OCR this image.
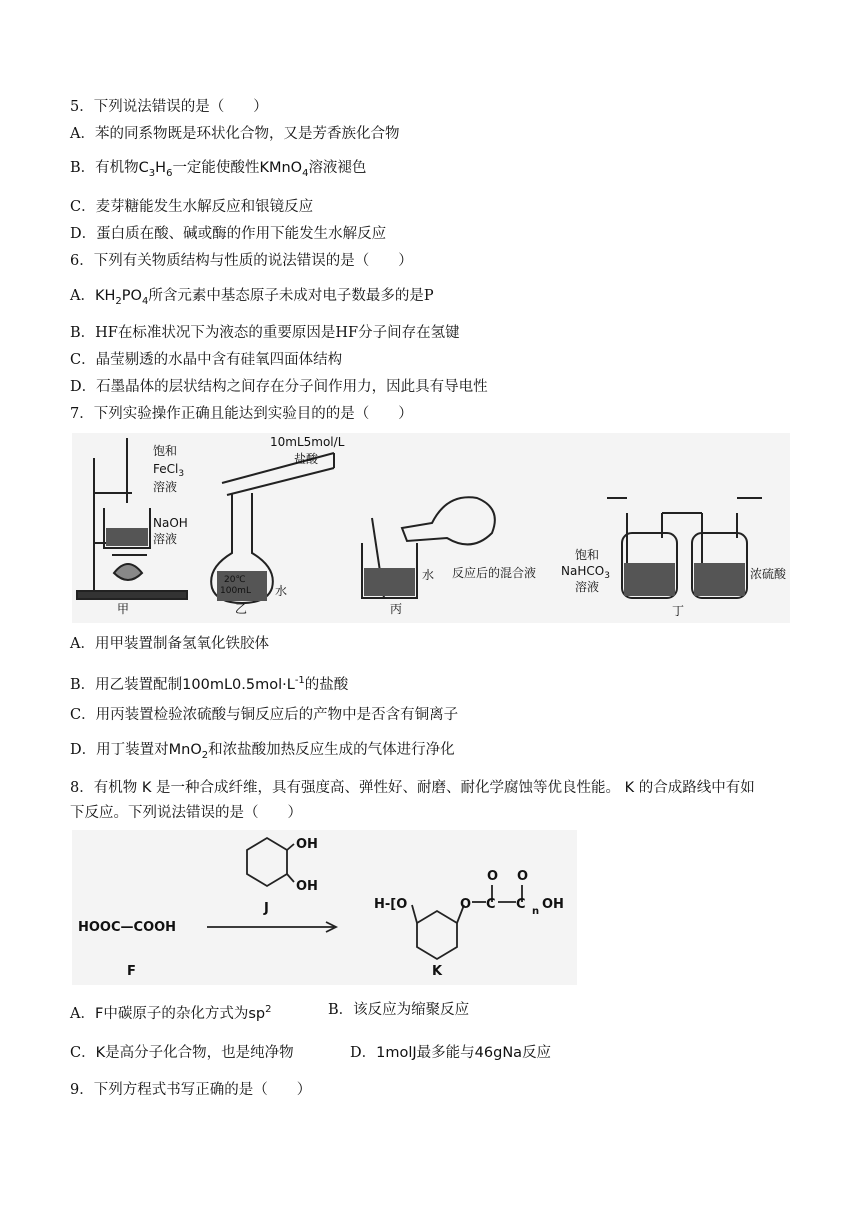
5．下列说法错误的是（　　）
A．苯的同系物既是环状化合物，又是芳香族化合物
B．有机物$C_3H_6$一定能使酸性KMnO$_4$溶液褪色
C．麦芽糖能发生水解反应和银镜反应
D．蛋白质在酸、碱或酶的作用下能发生水解反应
6．下列有关物质结构与性质的说法错误的是（　　）
A．$KH_2PO_4$所含元素中基态原子未成对电子数最多的是P
B．HF在标准状况下为液态的重要原因是HF分子间存在氢键
C．晶莹剔透的水晶中含有硅氧四面体结构
D．石墨晶体的层状结构之间存在分子间作用力，因此具有导电性
7．下列实验操作正确且能达到实验目的的是（　　）
饱和
FeCl$_3$
溶液
NaOH
溶液
甲
10mL5mol/L
盐酸
20℃
100mL 水
乙
水 反应后的混合液
丙
饱和
NaHCO$_3$
溶液
浓硫酸
丁
A．用甲装置制备氢氧化铁胶体
B．用乙装置配制$100mL0.5mol\cdot L^{-1}$的盐酸
C．用丙装置检验浓硫酸与铜反应后的产物中是否含有铜离子
D．用丁装置对MnO$_2$和浓盐酸加热反应生成的气体进行净化
8．有机物 K 是一种合成纤维，具有强度高、弹性好、耐磨、耐化学腐蚀等优良性能。 K 的合成路线中有如
下反应。下列说法错误的是（　　）
OH
OH
J
HOOC—COOH
F
H-[O	O
O O
C C n OH
K
A．F中碳原子的杂化方式为$sp^2$	B．该反应为缩聚反应
C．K是高分子化合物，也是纯净物	D．1molJ最多能与46gNa反应
9．下列方程式书写正确的是（　　）
